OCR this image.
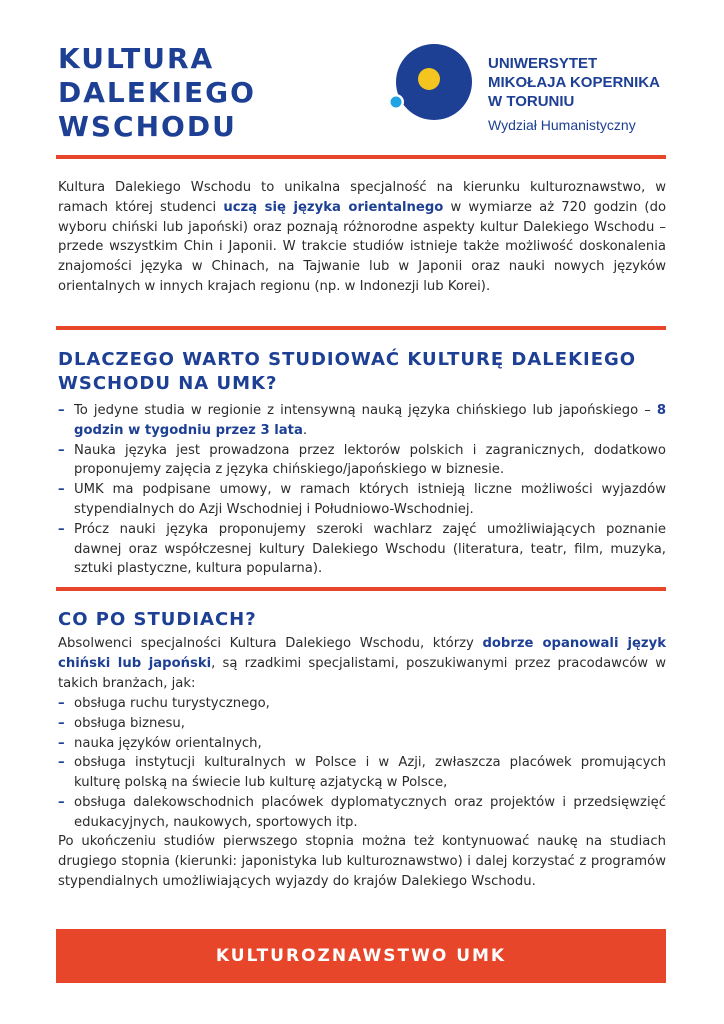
KULTURA
DALEKIEGO
WSCHODU
UNIWERSYTET
MIKOŁAJA KOPERNIKA
W TORUNIU
Wydział Humanistyczny

Kultura Dalekiego Wschodu to unikalna specjalność na kierunku kulturoznawstwo, w ramach której studenci uczą się języka orientalnego w wymiarze aż 720 godzin (do wyboru chiński lub japoński) oraz poznają różnorodne aspekty kultur Dalekiego Wschodu – przede wszystkim Chin i Japonii. W trakcie studiów istnieje także możliwość doskonalenia znajomości języka w Chinach, na Tajwanie lub w Japonii oraz nauki nowych języków orientalnych w innych krajach regionu (np. w Indonezji lub Korei).

DLACZEGO WARTO STUDIOWAĆ KULTURĘ DALEKIEGO WSCHODU NA UMK?
– To jedyne studia w regionie z intensywną nauką języka chińskiego lub japońskiego – 8 godzin w tygodniu przez 3 lata.
– Nauka języka jest prowadzona przez lektorów polskich i zagranicznych, dodatkowo proponujemy zajęcia z języka chińskiego/japońskiego w biznesie.
– UMK ma podpisane umowy, w ramach których istnieją liczne możliwości wyjazdów stypendialnych do Azji Wschodniej i Południowo-Wschodniej.
– Prócz nauki języka proponujemy szeroki wachlarz zajęć umożliwiających poznanie dawnej oraz współczesnej kultury Dalekiego Wschodu (literatura, teatr, film, muzyka, sztuki plastyczne, kultura popularna).
CO PO STUDIACH?

Absolwenci specjalności Kultura Dalekiego Wschodu, którzy dobrze opanowali język chiński lub japoński, są rzadkimi specjalistami, poszukiwanymi przez pracodawców w takich branżach, jak:

– obsługa ruchu turystycznego,
– obsługa biznesu,
– nauka języków orientalnych,
– obsługa instytucji kulturalnych w Polsce i w Azji, zwłaszcza placówek promujących kulturę polską na świecie lub kulturę azjatycką w Polsce,
– obsługa dalekowschodnich placówek dyplomatycznych oraz projektów i przedsięwzięć edukacyjnych, naukowych, sportowych itp.

Po ukończeniu studiów pierwszego stopnia można też kontynuować naukę na studiach drugiego stopnia (kierunki: japonistyka lub kulturoznawstwo) i dalej korzystać z programów stypendialnych umożliwiających wyjazdy do krajów Dalekiego Wschodu.

KULTUROZNAWSTWO UMK
